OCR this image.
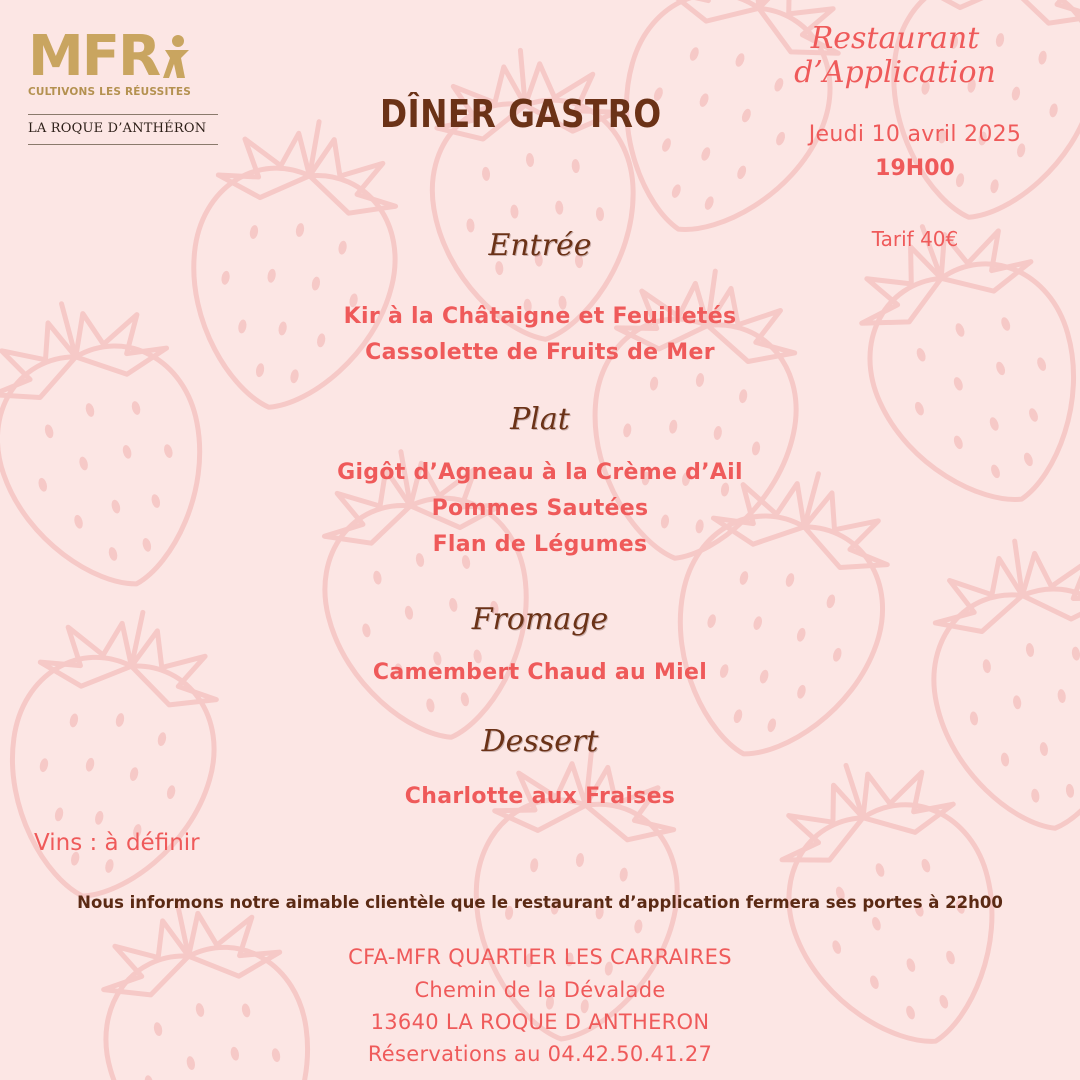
MFR
CULTIVONS LES RÉUSSITES
LA ROQUE D’ANTHÉRON	DÎNER GASTRO
Restaurant
d’Application
Jeudi 10 avril 2025
19H00
Tarif 40€
Entrée
Kir à la Châtaigne et Feuilletés
Cassolette de Fruits de Mer
Plat
Gigôt d’Agneau à la Crème d’Ail
Pommes Sautées
Flan de Légumes
Fromage
Camembert Chaud au Miel
Dessert
Charlotte aux Fraises
Vins : à définir
Nous informons notre aimable clientèle que le restaurant d’application fermera ses portes à 22h00
CFA-MFR QUARTIER LES CARRAIRES
Chemin de la Dévalade
13640 LA ROQUE D ANTHERON
Réservations au 04.42.50.41.27
